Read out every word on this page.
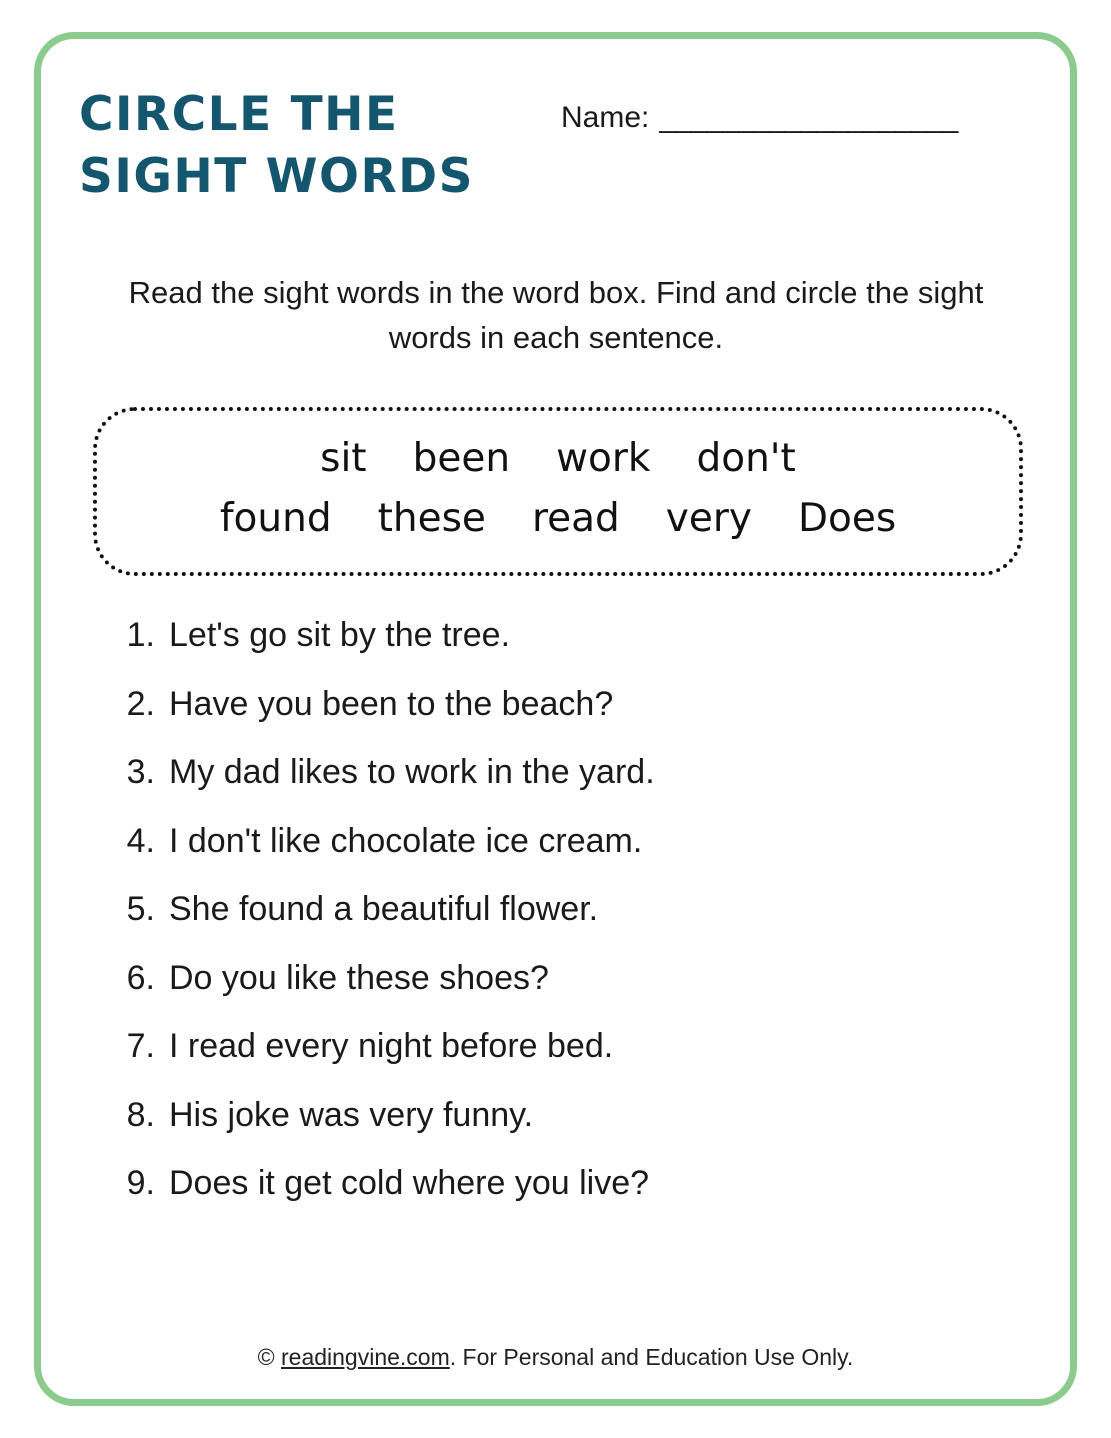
CIRCLE THE SIGHT WORDS
Name: ___________________
Read the sight words in the word box. Find and circle the sight words in each sentence.
sit been work don't
found these read very Does
1. Let's go sit by the tree.
2. Have you been to the beach?
3. My dad likes to work in the yard.
4. I don't like chocolate ice cream.
5. She found a beautiful flower.
6. Do you like these shoes?
7. I read every night before bed.
8. His joke was very funny.
9. Does it get cold where you live?
© readingvine.com. For Personal and Education Use Only.
